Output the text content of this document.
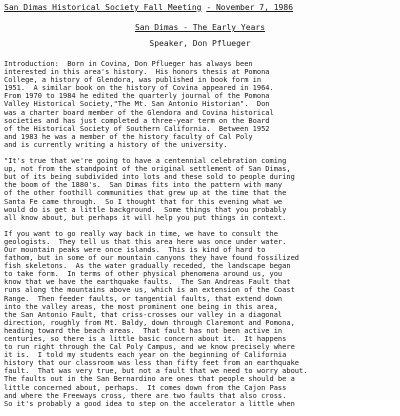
San Dimas Historical Society Fall Meeting - November 7, 1986
San Dimas - The Early Years
Speaker, Don Pflueger
Introduction:  Born in Covina, Don Pflueger has always been
interested in this area's history.  His honors thesis at Pomona
College, a history of Glendora, was published in book form in
1951.  A similar book on the history of Covina appeared in 1964.
From 1970 to 1984 he edited the quarterly journal of the Pomona
Valley Historical Society,"The Mt. San Antonio Historian".  Don
was a charter board member of the Glendora and Covina historical
societies and has just completed a three-year term on the Board
of the Historical Society of Southern California.  Between 1952
and 1983 he was a member of the history faculty of Cal Poly
and is currently writing a history of the university.
"It's true that we're going to have a centennial celebration coming
up, not from the standpoint of the original settlement of San Dimas,
but of its being subdivided into lots and these sold to people during
the boom of the 1880's.  San Dimas fits into the pattern with many
of the other foothill communities that grew up at the time that the
Santa Fe came through.  So I thought that for this evening what we
would do is get a little background.  Some things that you probably
all know about, but perhaps it will help you put things in context.
If you want to go really way back in time, we have to consult the
geologists.  They tell us that this area here was once under water.
Our mountain peaks were once islands.  This is kind of hard to
fathom, but in some of our mountain canyons they have found fossilized
fish skeletons.  As the water gradually receded, the landscape began
to take form.  In terms of other physical phenomena around us, you
know that we have the earthquake faults.  The San Andreas Fault that
runs along the mountains above us, which is an extension of the Coast
Range.  Then feeder faults, or tangential faults, that extend down
into the valley areas, the most prominent one being in this area,
the San Antonio Fault, that criss-crosses our valley in a diagonal
direction, roughly from Mt. Baldy, down through Claremont and Pomona,
heading toward the beach areas.  That fault has not been active in
centuries, so there is a little basic concern about it.  It happens
to run right through the Cal Poly Campus, and we know precisely where
it is.  I told my students each year on the beginning of California
history that our classroom was less than fifty feet from an earthquake
fault.  That was very true, but not a fault that we need to worry about.
The faults out in the San Bernardino are ones that people should be a
little concerned about, perhaps.  It comes down from the Cajon Pass
and where the Freeways cross, there are two faults that also cross.
So it's probably a good idea to step on the accelerator a little when
